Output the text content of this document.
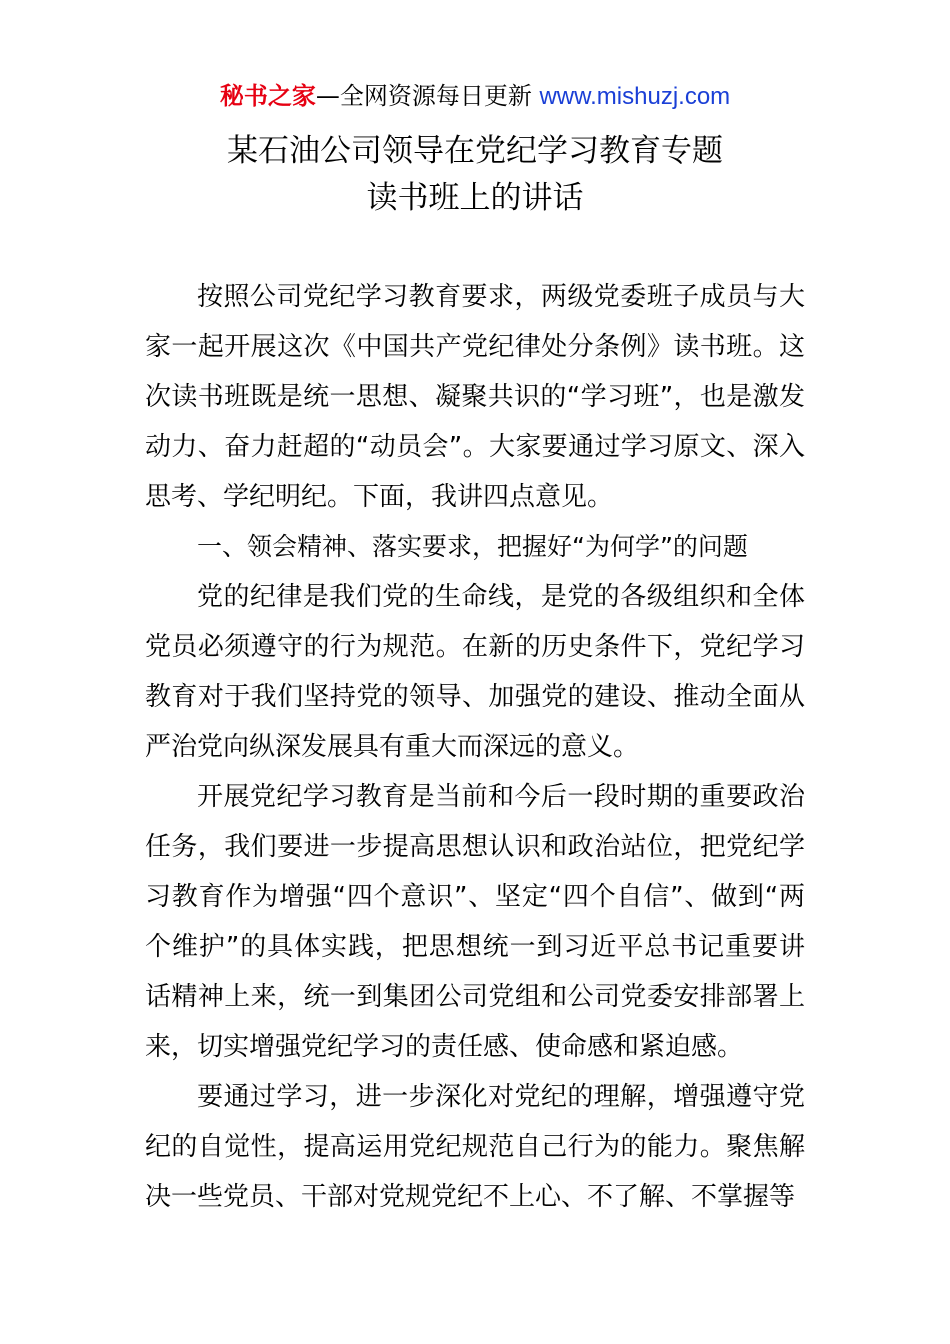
秘书之家—全网资源每日更新 www.mishuzj.com
某石油公司领导在党纪学习教育专题
读书班上的讲话

按照公司党纪学习教育要求，两级党委班子成员与大家一起开展这次《中国共产党纪律处分条例》读书班。这次读书班既是统一思想、凝聚共识的“学习班”，也是激发动力、奋力赶超的“动员会”。大家要通过学习原文、深入思考、学纪明纪。下面，我讲四点意见。

一、领会精神、落实要求，把握好“为何学”的问题

党的纪律是我们党的生命线，是党的各级组织和全体党员必须遵守的行为规范。在新的历史条件下，党纪学习教育对于我们坚持党的领导、加强党的建设、推动全面从严治党向纵深发展具有重大而深远的意义。

开展党纪学习教育是当前和今后一段时期的重要政治任务，我们要进一步提高思想认识和政治站位，把党纪学习教育作为增强“四个意识”、坚定“四个自信”、做到“两个维护”的具体实践，把思想统一到习近平总书记重要讲话精神上来，统一到集团公司党组和公司党委安排部署上来，切实增强党纪学习的责任感、使命感和紧迫感。

要通过学习，进一步深化对党纪的理解，增强遵守党纪的自觉性，提高运用党纪规范自己行为的能力。聚焦解决一些党员、干部对党规党纪不上心、不了解、不掌握等
